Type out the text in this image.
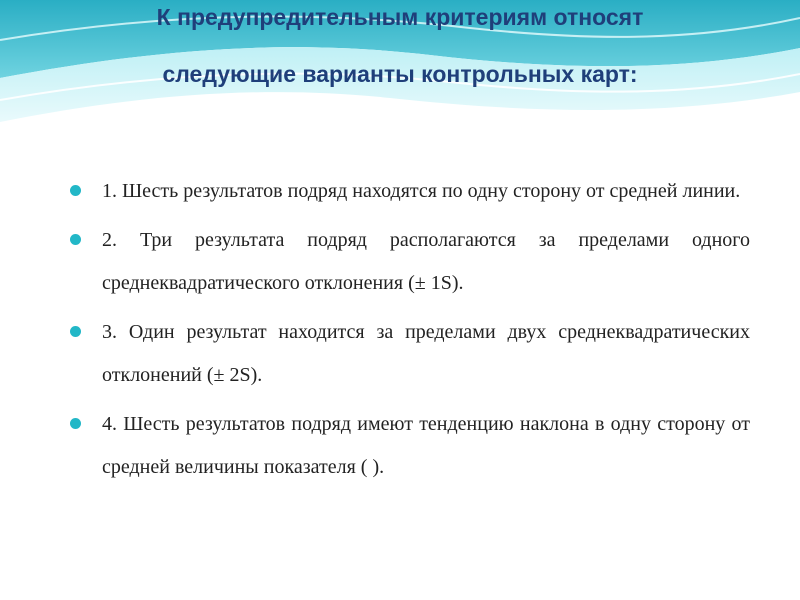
К предупредительным критериям относят
следующие варианты контрольных карт:
1. Шесть результатов подряд находятся по одну сторону от средней линии.
2. Три результата подряд располагаются за пределами одного среднеквадратического отклонения (± 1S).
3. Один результат находится за пределами двух среднеквадратических отклонений (± 2S).
4. Шесть результатов подряд имеют тенденцию наклона в одну сторону от средней величины показателя ( ).
